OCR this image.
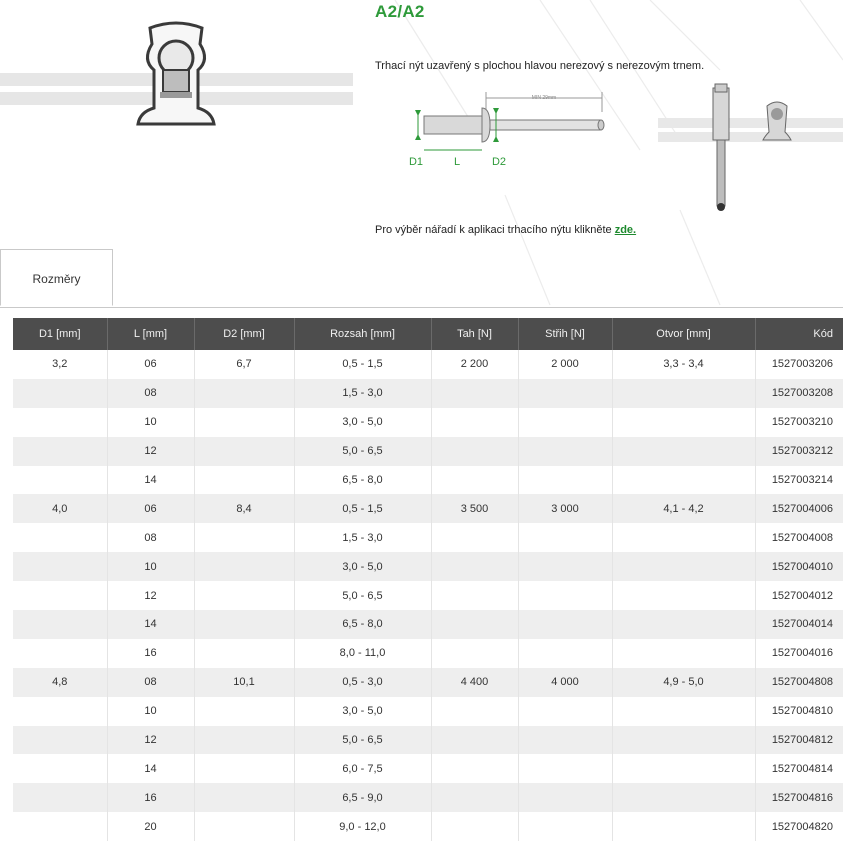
A2/A2
Trhací nýt uzavřený s plochou hlavou nerezový s nerezovým trnem.
MIN 29mm
D1	L	D2
Pro výběr nářadí k aplikaci trhacího nýtu klikněte zde.
Rozměry
D1 [mm]	L [mm]	D2 [mm]	Rozsah [mm]	Tah [N]	Střih [N]	Otvor [mm]	Kód
3,2	06	6,7	0,5 - 1,5	2 200	2 000	3,3 - 3,4	1527003206
	08		1,5 - 3,0				1527003208
	10		3,0 - 5,0				1527003210
	12		5,0 - 6,5				1527003212
	14		6,5 - 8,0				1527003214
4,0	06	8,4	0,5 - 1,5	3 500	3 000	4,1 - 4,2	1527004006
	08		1,5 - 3,0				1527004008
	10		3,0 - 5,0				1527004010
	12		5,0 - 6,5				1527004012
	14		6,5 - 8,0				1527004014
	16		8,0 - 11,0				1527004016
4,8	08	10,1	0,5 - 3,0	4 400	4 000	4,9 - 5,0	1527004808
	10		3,0 - 5,0				1527004810
	12		5,0 - 6,5				1527004812
	14		6,0 - 7,5				1527004814
	16		6,5 - 9,0				1527004816
	20		9,0 - 12,0				1527004820
